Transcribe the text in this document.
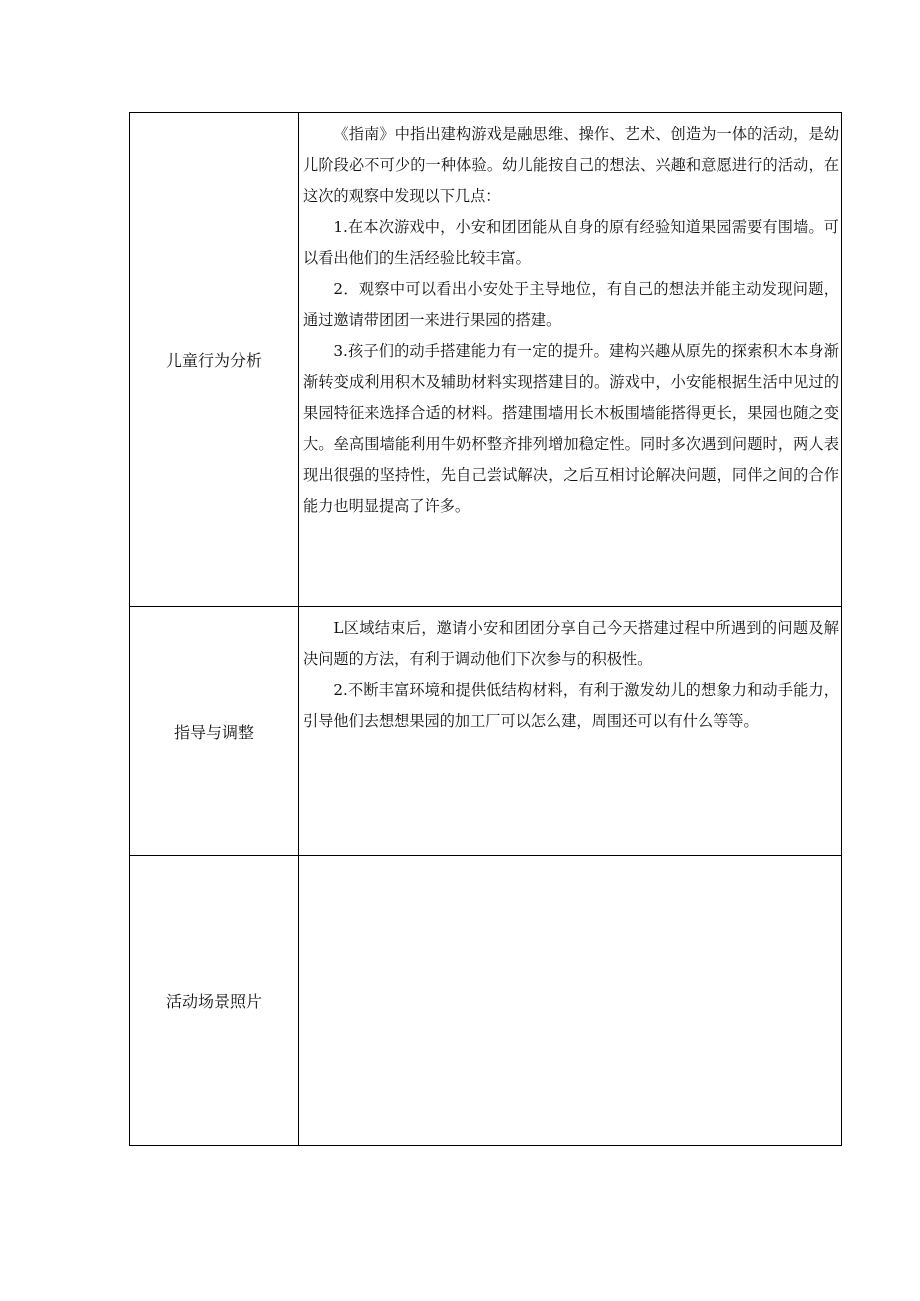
儿童行为分析	《指南》中指出建构游戏是融思维、操作、艺术、创造为一体的活动，是幼儿阶段必不可少的一种体验。幼儿能按自己的想法、兴趣和意愿进行的活动，在这次的观察中发现以下几点：

1.在本次游戏中，小安和团团能从自身的原有经验知道果园需要有围墙。可以看出他们的生活经验比较丰富。

2．观察中可以看出小安处于主导地位，有自己的想法并能主动发现问题，通过邀请带团团一来进行果园的搭建。

3.孩子们的动手搭建能力有一定的提升。建构兴趣从原先的探索积木本身渐渐转变成利用积木及辅助材料实现搭建目的。游戏中，小安能根据生活中见过的果园特征来选择合适的材料。搭建围墙用长木板围墙能搭得更长，果园也随之变大。垒高围墙能利用牛奶杯整齐排列增加稳定性。同时多次遇到问题时，两人表现出很强的坚持性，先自己尝试解决，之后互相讨论解决问题，同伴之间的合作能力也明显提高了许多。

指导与调整	L区域结束后，邀请小安和团团分享自己今天搭建过程中所遇到的问题及解决问题的方法，有利于调动他们下次参与的积极性。

2.不断丰富环境和提供低结构材料，有利于激发幼儿的想象力和动手能力，引导他们去想想果园的加工厂可以怎么建，周围还可以有什么等等。

活动场景照片	
